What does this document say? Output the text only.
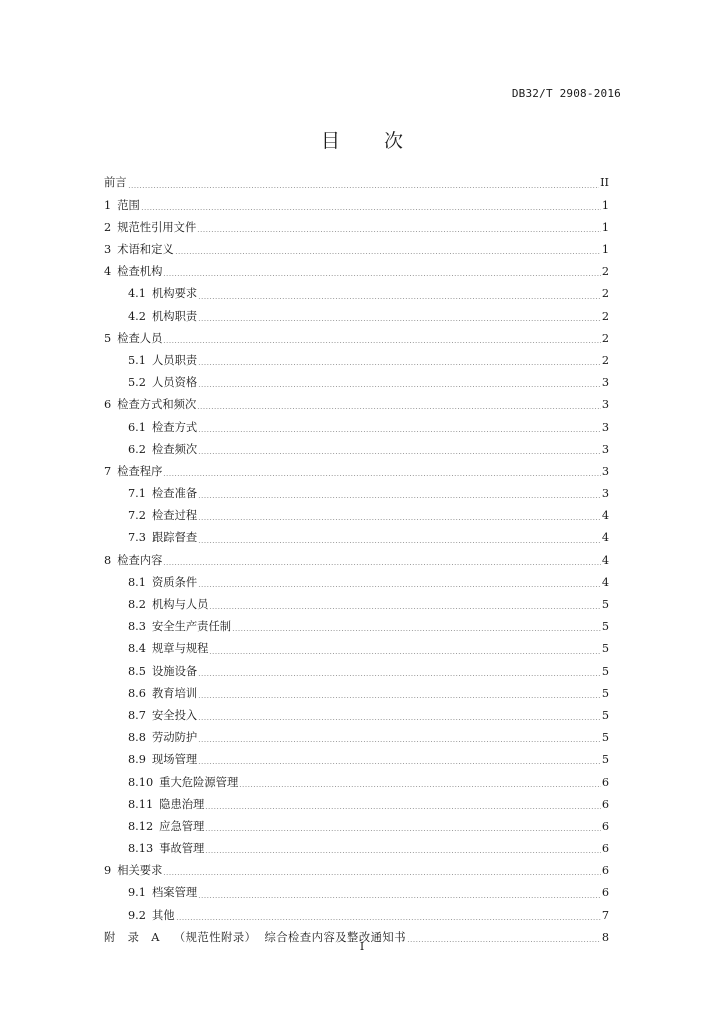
DB32/T 2908-2016
目 次
前言	II
1 范围	1
2 规范性引用文件	1
3 术语和定义	1
4 检查机构	2
4.1 机构要求	2
4.2 机构职责	2
5 检查人员	2
5.1 人员职责	2
5.2 人员资格	3
6 检查方式和频次	3
6.1 检查方式	3
6.2 检查频次	3
7 检查程序	3
7.1 检查准备	3
7.2 检查过程	4
7.3 跟踪督查	4
8 检查内容	4
8.1 资质条件	4
8.2 机构与人员	5
8.3 安全生产责任制	5
8.4 规章与规程	5
8.5 设施设备	5
8.6 教育培训	5
8.7 安全投入	5
8.8 劳动防护	5
8.9 现场管理	5
8.10 重大危险源管理	6
8.11 隐患治理	6
8.12 应急管理	6
8.13 事故管理	6
9 相关要求	6
9.1 档案管理	6
9.2 其他	7
附　录　A （规范性附录） 综合检查内容及整改通知书	8
I
